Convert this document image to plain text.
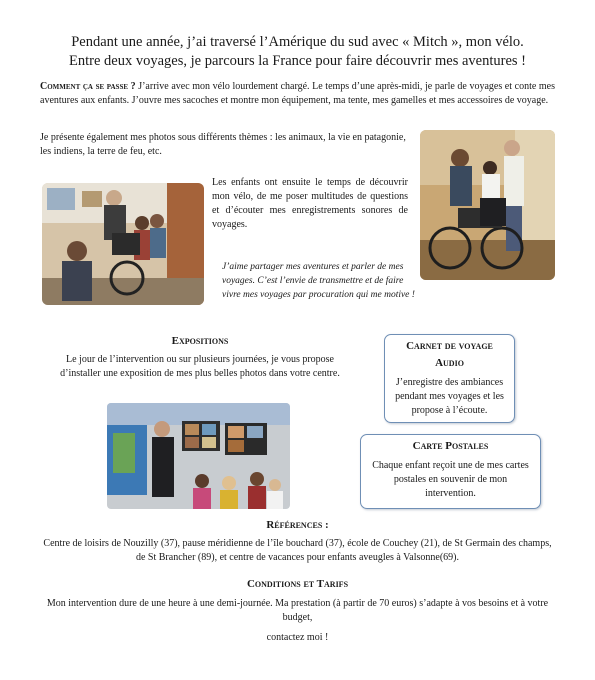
Pendant une année, j’ai traversé l’Amérique du sud avec « Mitch », mon vélo.
Entre deux voyages, je parcours la France pour faire découvrir mes aventures !
Comment ça se passe ? J’arrive avec mon vélo lourdement chargé. Le temps d’une après-midi, je parle de voyages et conte mes aventures aux enfants. J’ouvre mes sacoches et montre mon équipement, ma tente, mes gamelles et mes accessoires de voyage.
Je présente également mes photos sous différents thèmes : les animaux, la vie en patagonie, les indiens, la terre de feu, etc.
Les enfants ont ensuite le temps de découvrir mon vélo, de me poser multitudes de questions et d’écouter mes enregistrements sonores de voyages.
J’aime partager mes aventures et parler de mes voyages. C’est l’envie de transmettre et de faire vivre mes voyages par procuration qui me motive !
Expositions
Le jour de l’intervention ou sur plusieurs journées, je vous propose d’installer une exposition de mes plus belles photos dans votre centre.
Carnet de voyage
Audio
J’enregistre des ambiances pendant mes voyages et les propose à l’écoute.
Carte Postales
Chaque enfant reçoit une de mes cartes postales en souvenir de mon intervention.
Références :
Centre de loisirs de Nouzilly (37), pause méridienne de l’île bouchard (37), école de Couchey (21), de St Germain des champs, de St Brancher (89), et centre de vacances pour enfants aveugles à Valsonne(69).
Conditions et Tarifs
Mon intervention dure de une heure à une demi-journée. Ma prestation (à partir de 70 euros) s’adapte à vos besoins et à votre budget,
contactez moi !
